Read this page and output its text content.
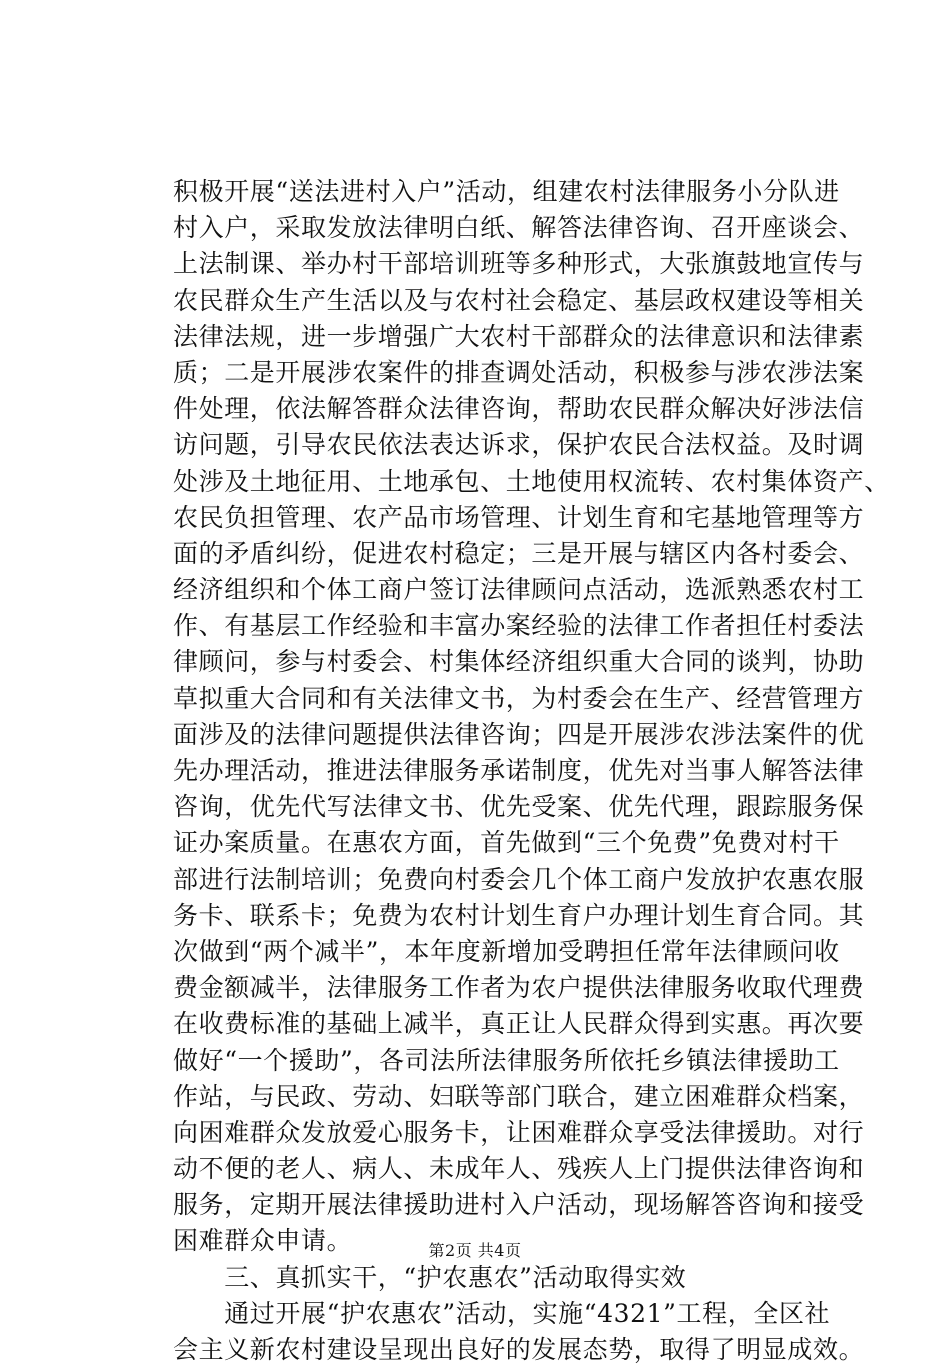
积极开展“送法进村入户”活动，组建农村法律服务小分队进
村入户，采取发放法律明白纸、解答法律咨询、召开座谈会、
上法制课、举办村干部培训班等多种形式，大张旗鼓地宣传与
农民群众生产生活以及与农村社会稳定、基层政权建设等相关
法律法规，进一步增强广大农村干部群众的法律意识和法律素
质；二是开展涉农案件的排查调处活动，积极参与涉农涉法案
件处理，依法解答群众法律咨询，帮助农民群众解决好涉法信
访问题，引导农民依法表达诉求，保护农民合法权益。及时调
处涉及土地征用、土地承包、土地使用权流转、农村集体资产、
农民负担管理、农产品市场管理、计划生育和宅基地管理等方
面的矛盾纠纷，促进农村稳定；三是开展与辖区内各村委会、
经济组织和个体工商户签订法律顾问点活动，选派熟悉农村工
作、有基层工作经验和丰富办案经验的法律工作者担任村委法
律顾问，参与村委会、村集体经济组织重大合同的谈判，协助
草拟重大合同和有关法律文书，为村委会在生产、经营管理方
面涉及的法律问题提供法律咨询；四是开展涉农涉法案件的优
先办理活动，推进法律服务承诺制度，优先对当事人解答法律
咨询，优先代写法律文书、优先受案、优先代理，跟踪服务保
证办案质量。在惠农方面，首先做到“三个免费”免费对村干
部进行法制培训；免费向村委会几个体工商户发放护农惠农服
务卡、联系卡；免费为农村计划生育户办理计划生育合同。其
次做到“两个减半”，本年度新增加受聘担任常年法律顾问收
费金额减半，法律服务工作者为农户提供法律服务收取代理费
在收费标准的基础上减半，真正让人民群众得到实惠。再次要
做好“一个援助”，各司法所法律服务所依托乡镇法律援助工
作站，与民政、劳动、妇联等部门联合，建立困难群众档案，
向困难群众发放爱心服务卡，让困难群众享受法律援助。对行
动不便的老人、病人、未成年人、残疾人上门提供法律咨询和
服务，定期开展法律援助进村入户活动，现场解答咨询和接受
困难群众申请。
　　三、真抓实干，“护农惠农”活动取得实效
　　通过开展“护农惠农”活动，实施“4321”工程，全区社
会主义新农村建设呈现出良好的发展态势，取得了明显成效。
第2页 共4页
